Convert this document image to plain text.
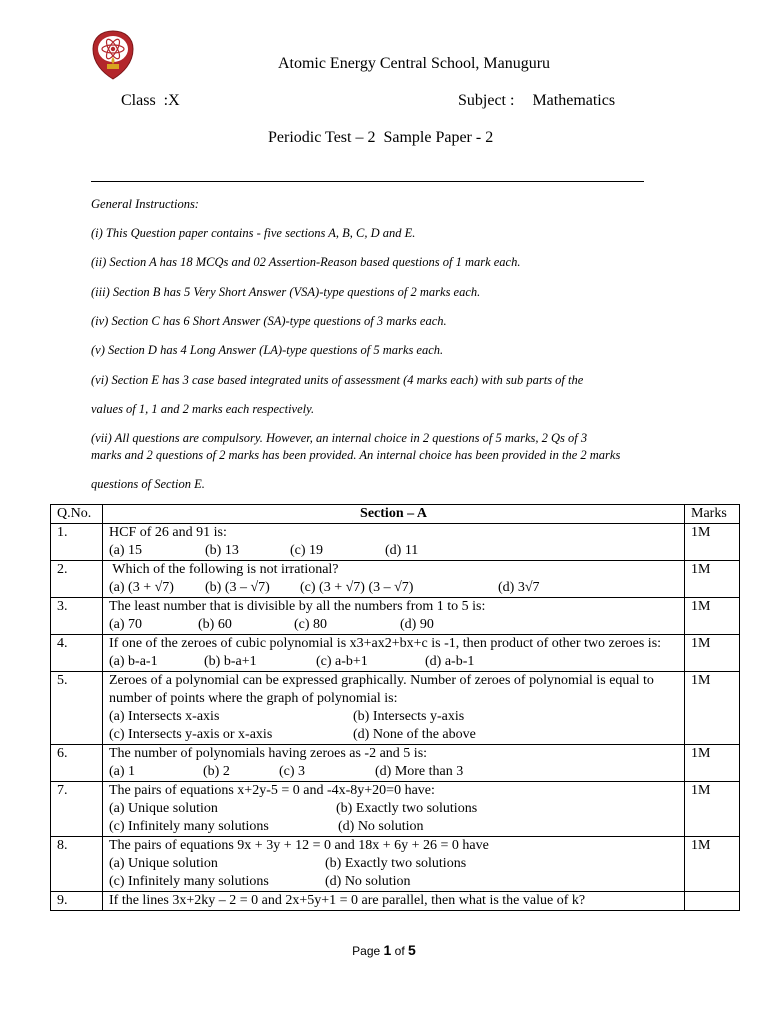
Atomic Energy Central School, Manuguru
Class  :X	Subject : Mathematics
Periodic Test – 2  Sample Paper - 2
General Instructions:
(i) This Question paper contains - five sections A, B, C, D and E.
(ii) Section A has 18 MCQs and 02 Assertion-Reason based questions of 1 mark each.
(iii) Section B has 5 Very Short Answer (VSA)-type questions of 2 marks each.
(iv) Section C has 6 Short Answer (SA)-type questions of 3 marks each.
(v) Section D has 4 Long Answer (LA)-type questions of 5 marks each.
(vi) Section E has 3 case based integrated units of assessment (4 marks each) with sub parts of the
values of 1, 1 and 2 marks each respectively.
(vii) All questions are compulsory. However, an internal choice in 2 questions of 5 marks, 2 Qs of 3
marks and 2 questions of 2 marks has been provided. An internal choice has been provided in the 2 marks
questions of Section E.
Q.No.	Section – A	Marks
1.	HCF of 26 and 91 is:
(a) 15 (b) 13 (c) 19 (d) 11	1M
2.	Which of the following is not irrational?
(a) (3 + √7) (b) (3 – √7) (c) (3 + √7) (3 – √7) (d) 3√7	1M
3.	The least number that is divisible by all the numbers from 1 to 5 is:
(a) 70 (b) 60 (c) 80 (d) 90	1M
4.	If one of the zeroes of cubic polynomial is x3+ax2+bx+c is -1, then product of other two zeroes is:
(a) b-a-1 (b) b-a+1 (c) a-b+1 (d) a-b-1	1M
5.	Zeroes of a polynomial can be expressed graphically. Number of zeroes of polynomial is equal to number of points where the graph of polynomial is:
(a) Intersects x-axis (b) Intersects y-axis
(c) Intersects y-axis or x-axis (d) None of the above	1M
6.	The number of polynomials having zeroes as -2 and 5 is:
(a) 1 (b) 2 (c) 3 (d) More than 3	1M
7.	The pairs of equations x+2y-5 = 0 and -4x-8y+20=0 have:
(a) Unique solution (b) Exactly two solutions
(c) Infinitely many solutions (d) No solution	1M
8.	The pairs of equations 9x + 3y + 12 = 0 and 18x + 6y + 26 = 0 have
(a) Unique solution (b) Exactly two solutions
(c) Infinitely many solutions (d) No solution	1M
9.	If the lines 3x+2ky – 2 = 0 and 2x+5y+1 = 0 are parallel, then what is the value of k?	

Page 1 of 5
